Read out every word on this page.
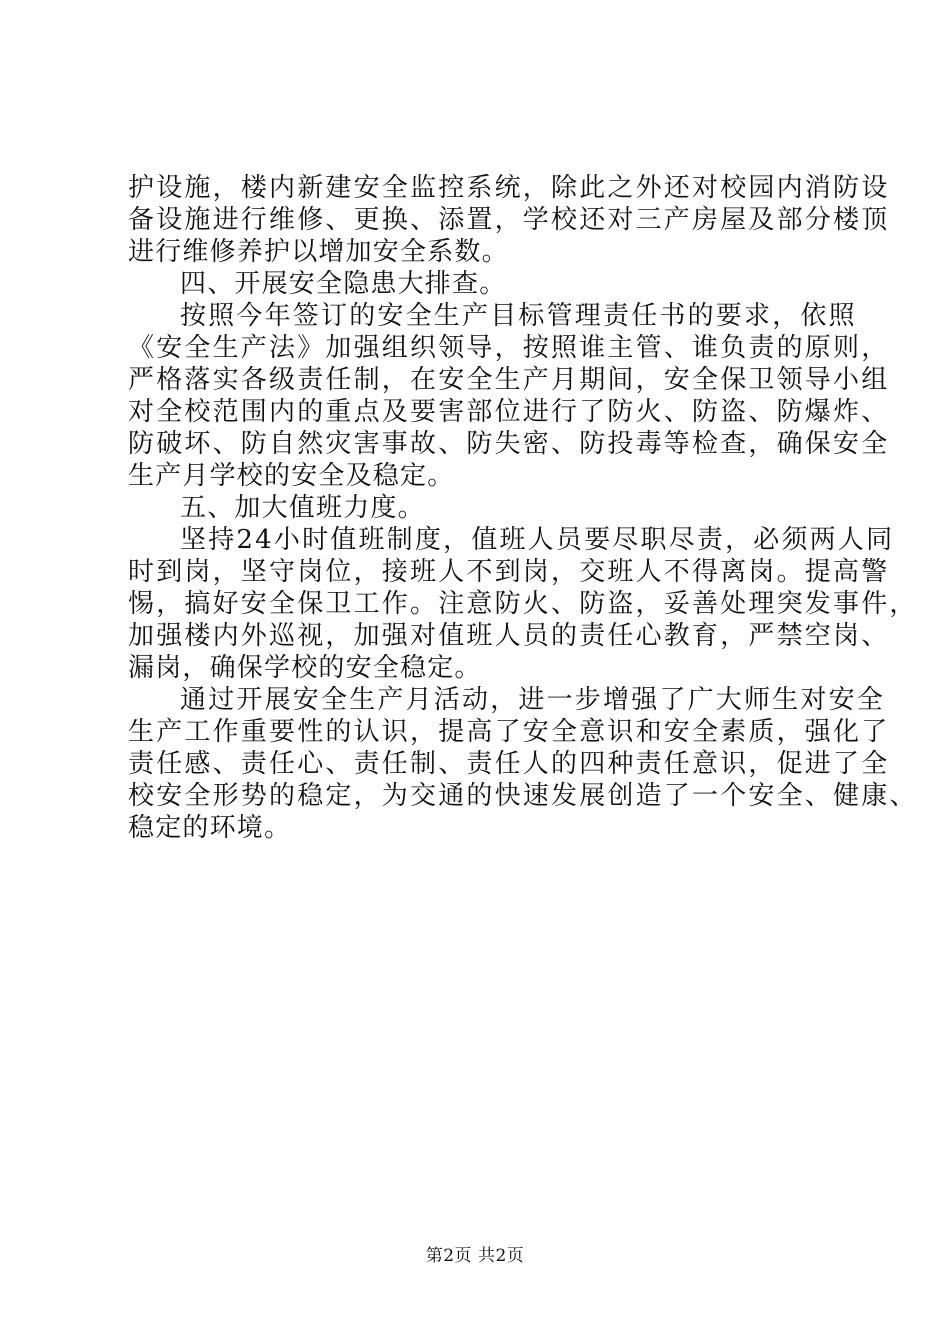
护设施，楼内新建安全监控系统，除此之外还对校园内消防设
备设施进行维修、更换、添置，学校还对三产房屋及部分楼顶
进行维修养护以增加安全系数。
四、开展安全隐患大排查。
按照今年签订的安全生产目标管理责任书的要求，依照
《安全生产法》加强组织领导，按照谁主管、谁负责的原则，
严格落实各级责任制，在安全生产月期间，安全保卫领导小组
对全校范围内的重点及要害部位进行了防火、防盗、防爆炸、
防破坏、防自然灾害事故、防失密、防投毒等检查，确保安全
生产月学校的安全及稳定。
五、加大值班力度。
坚持24小时值班制度，值班人员要尽职尽责，必须两人同
时到岗，坚守岗位，接班人不到岗，交班人不得离岗。提高警
惕，搞好安全保卫工作。注意防火、防盗，妥善处理突发事件，
加强楼内外巡视，加强对值班人员的责任心教育，严禁空岗、
漏岗，确保学校的安全稳定。
通过开展安全生产月活动，进一步增强了广大师生对安全
生产工作重要性的认识，提高了安全意识和安全素质，强化了
责任感、责任心、责任制、责任人的四种责任意识，促进了全
校安全形势的稳定，为交通的快速发展创造了一个安全、健康、
稳定的环境。
第2页 共2页
